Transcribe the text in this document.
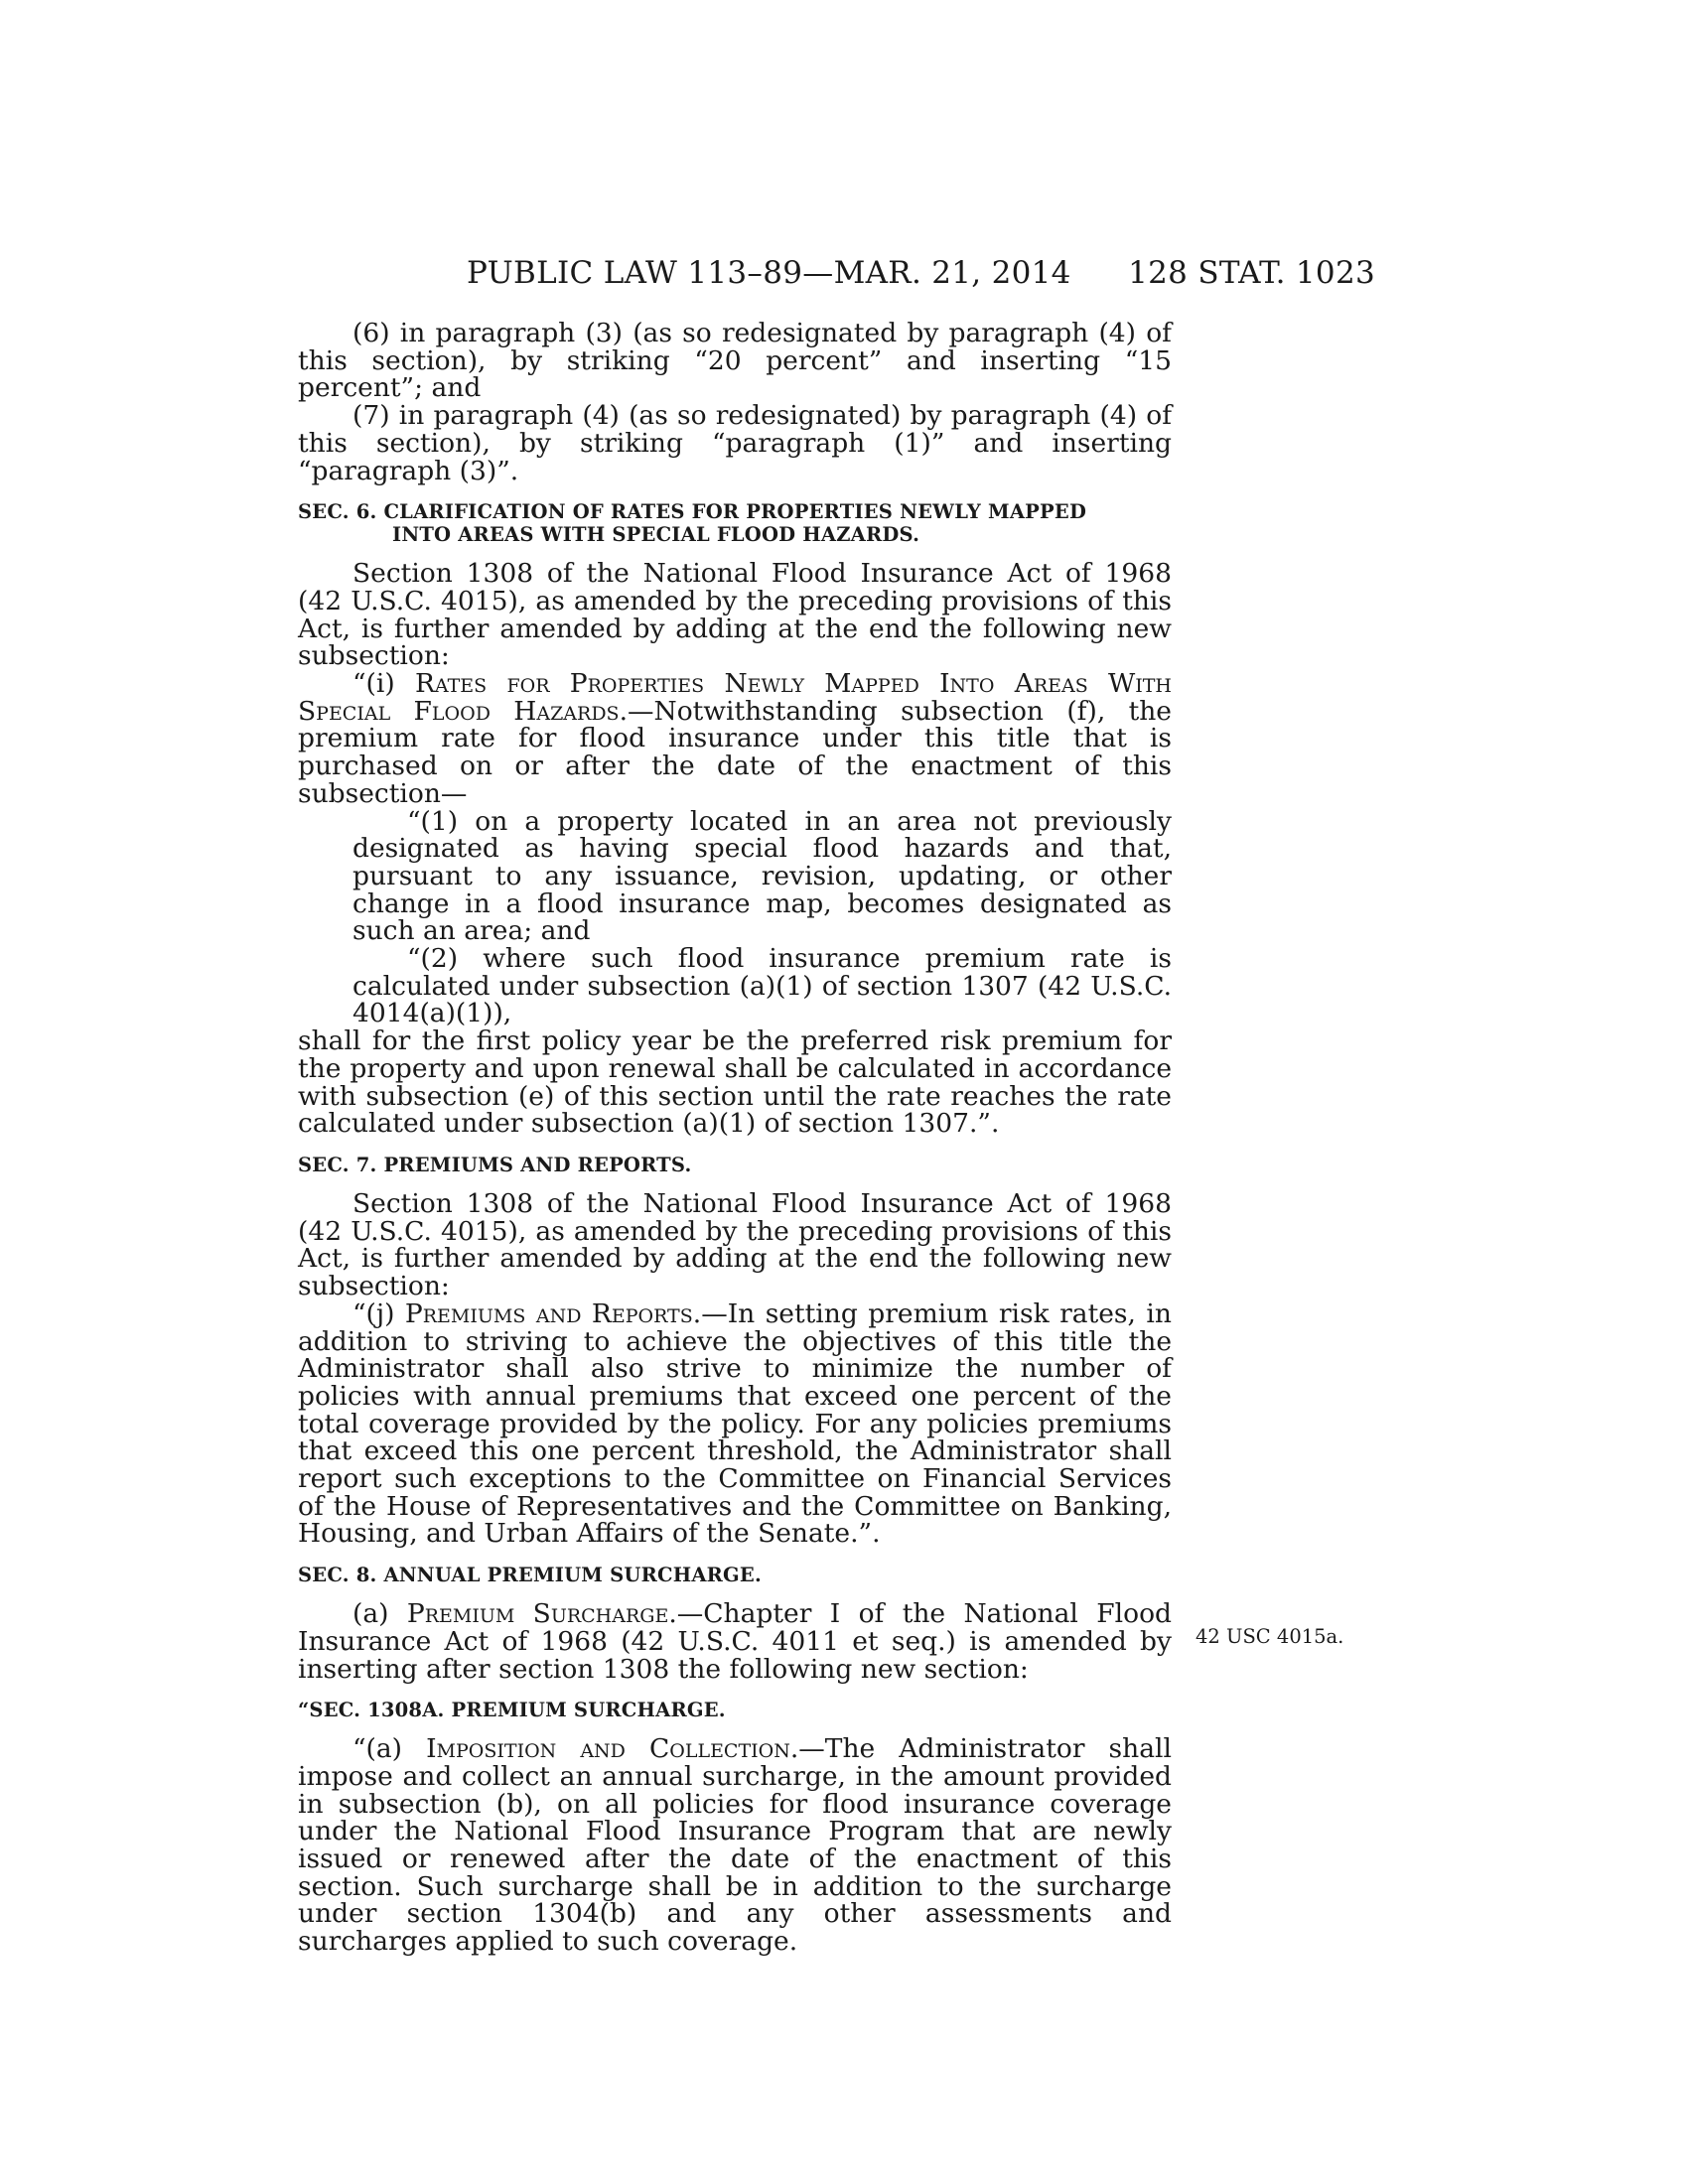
PUBLIC LAW 113–89—MAR. 21, 2014 128 STAT. 1023
42 USC 4015a.

(6) in paragraph (3) (as so redesignated by paragraph (4) of this section), by striking “20 percent” and inserting “15 percent”; and

(7) in paragraph (4) (as so redesignated) by paragraph (4) of this section), by striking “paragraph (1)” and inserting “paragraph (3)”.

SEC. 6. CLARIFICATION OF RATES FOR PROPERTIES NEWLY MAPPED
INTO AREAS WITH SPECIAL FLOOD HAZARDS.

Section 1308 of the National Flood Insurance Act of 1968 (42 U.S.C. 4015), as amended by the preceding provisions of this Act, is further amended by adding at the end the following new subsection:

“(i) Rates for Properties Newly Mapped Into Areas With Special Flood Hazards.—Notwithstanding subsection (f), the premium rate for flood insurance under this title that is purchased on or after the date of the enactment of this subsection—

“(1) on a property located in an area not previously designated as having special flood hazards and that, pursuant to any issuance, revision, updating, or other change in a flood insurance map, becomes designated as such an area; and

“(2) where such flood insurance premium rate is calculated under subsection (a)(1) of section 1307 (42 U.S.C. 4014(a)(1)),

shall for the first policy year be the preferred risk premium for the property and upon renewal shall be calculated in accordance with subsection (e) of this section until the rate reaches the rate calculated under subsection (a)(1) of section 1307.”.

SEC. 7. PREMIUMS AND REPORTS.

Section 1308 of the National Flood Insurance Act of 1968 (42 U.S.C. 4015), as amended by the preceding provisions of this Act, is further amended by adding at the end the following new subsection:

“(j) Premiums and Reports.—In setting premium risk rates, in addition to striving to achieve the objectives of this title the Administrator shall also strive to minimize the number of policies with annual premiums that exceed one percent of the total coverage provided by the policy. For any policies premiums that exceed this one percent threshold, the Administrator shall report such exceptions to the Committee on Financial Services of the House of Representatives and the Committee on Banking, Housing, and Urban Affairs of the Senate.”.

SEC. 8. ANNUAL PREMIUM SURCHARGE.

(a) Premium Surcharge.—Chapter I of the National Flood Insurance Act of 1968 (42 U.S.C. 4011 et seq.) is amended by inserting after section 1308 the following new section:

“SEC. 1308A. PREMIUM SURCHARGE.

“(a) Imposition and Collection.—The Administrator shall impose and collect an annual surcharge, in the amount provided in subsection (b), on all policies for flood insurance coverage under the National Flood Insurance Program that are newly issued or renewed after the date of the enactment of this section. Such surcharge shall be in addition to the surcharge under section 1304(b) and any other assessments and surcharges applied to such coverage.
